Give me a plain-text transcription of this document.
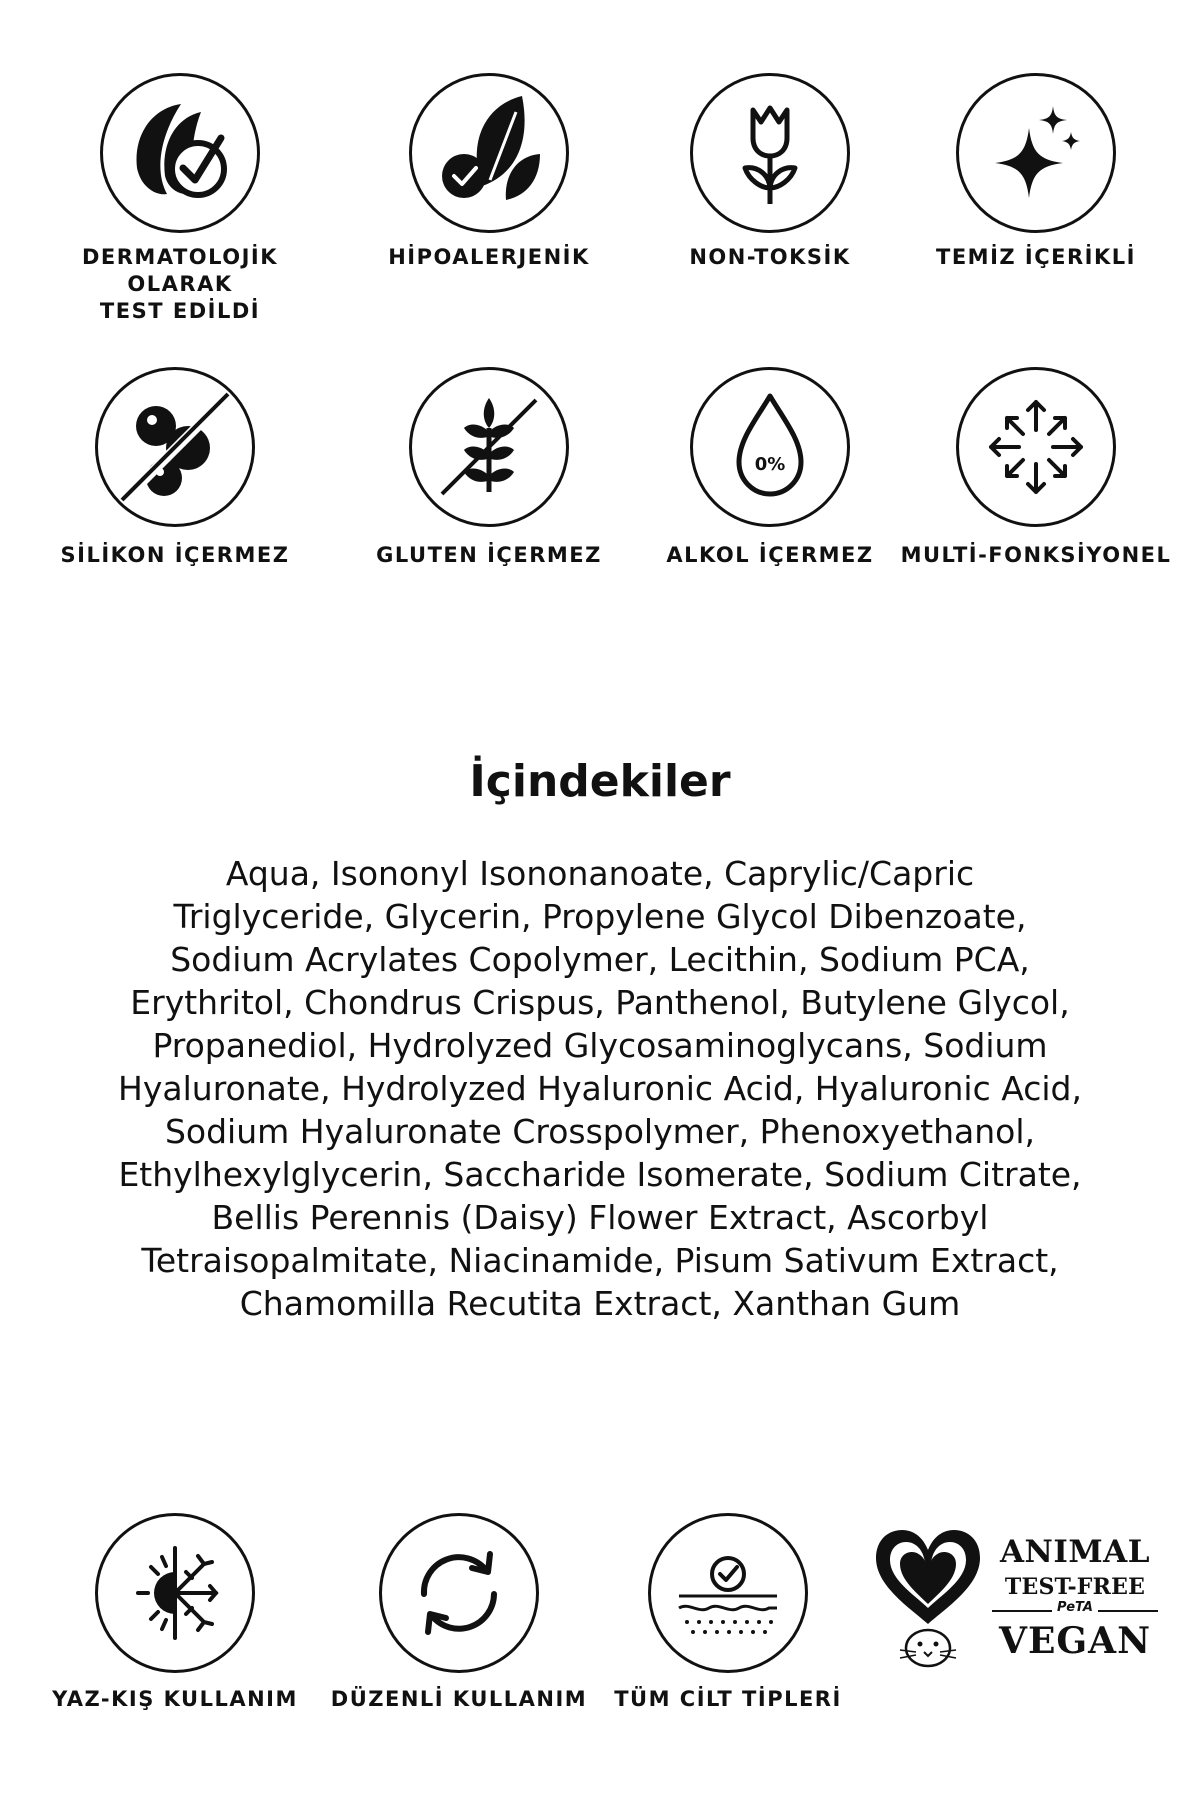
DERMATOLOJİK OLARAK
TEST EDİLDİ
HİPOALERJENİK	NON-TOKSİK	TEMİZ İÇERİKLİ
SİLİKON İÇERMEZ	GLUTEN İÇERMEZ
0%
ALKOL İÇERMEZ	MULTİ-FONKSİYONEL
İçindekiler
Aqua, Isononyl Isononanoate, Caprylic/Capric
Triglyceride, Glycerin, Propylene Glycol Dibenzoate,
Sodium Acrylates Copolymer, Lecithin, Sodium PCA,
Erythritol, Chondrus Crispus, Panthenol, Butylene Glycol,
Propanediol, Hydrolyzed Glycosaminoglycans, Sodium
Hyaluronate, Hydrolyzed Hyaluronic Acid, Hyaluronic Acid,
Sodium Hyaluronate Crosspolymer, Phenoxyethanol,
Ethylhexylglycerin, Saccharide Isomerate, Sodium Citrate,
Bellis Perennis (Daisy) Flower Extract, Ascorbyl
Tetraisopalmitate, Niacinamide, Pisum Sativum Extract,
Chamomilla Recutita Extract, Xanthan Gum
YAZ-KIŞ KULLANIM	DÜZENLİ KULLANIM	TÜM CİLT TİPLERİ
ANIMAL
TEST-FREE
PeTA
VEGAN
